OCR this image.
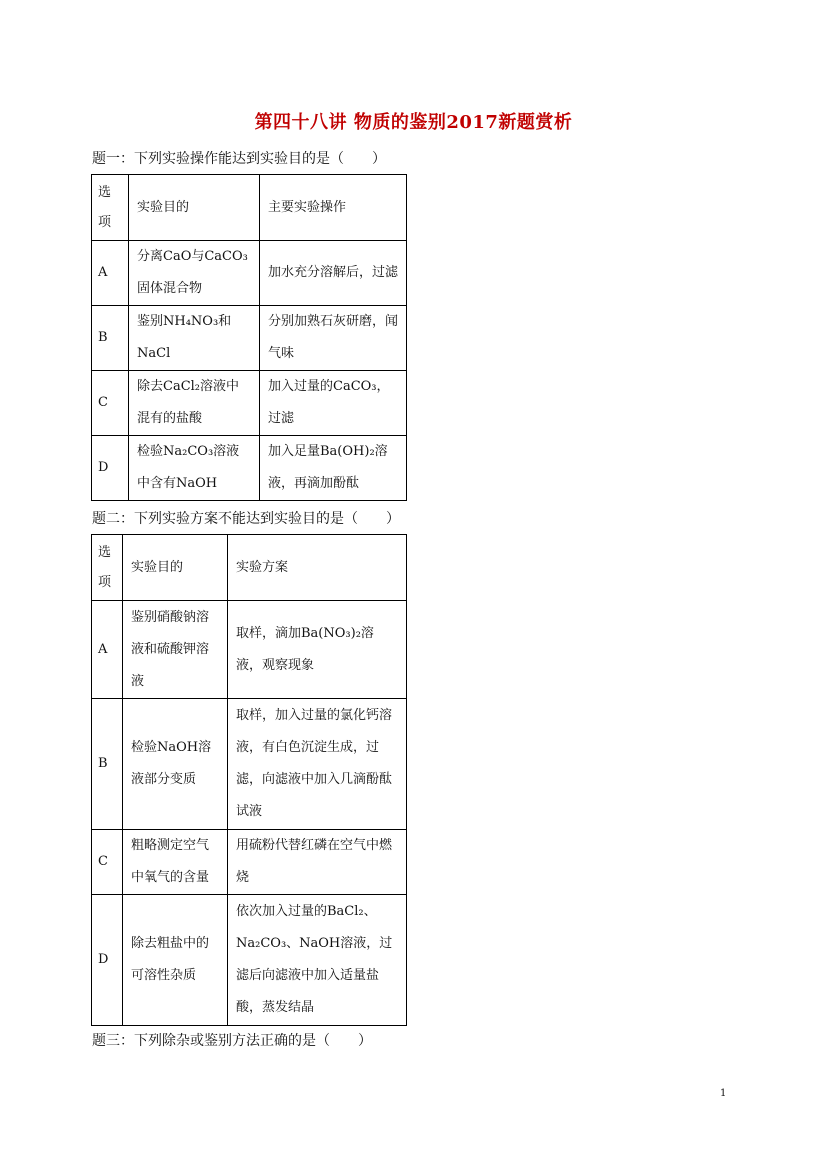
第四十八讲 物质的鉴别2017新题赏析
题一：下列实验操作能达到实验目的是（　　）
选项	实验目的	主要实验操作
A	分离CaO与CaCO₃固体混合物	加水充分溶解后，过滤
B	鉴别NH₄NO₃和NaCl	分别加熟石灰研磨，闻气味
C	除去CaCl₂溶液中混有的盐酸	加入过量的CaCO₃，过滤
D	检验Na₂CO₃溶液中含有NaOH	加入足量Ba(OH)₂溶液，再滴加酚酞
题二：下列实验方案不能达到实验目的是（　　）
选项	实验目的	实验方案
A	鉴别硝酸钠溶液和硫酸钾溶液	取样，滴加Ba(NO₃)₂溶液，观察现象
B	检验NaOH溶液部分变质	取样，加入过量的氯化钙溶液，有白色沉淀生成，过滤，向滤液中加入几滴酚酞试液
C	粗略测定空气中氧气的含量	用硫粉代替红磷在空气中燃烧
D	除去粗盐中的可溶性杂质	依次加入过量的BaCl₂、Na₂CO₃、NaOH溶液，过滤后向滤液中加入适量盐酸，蒸发结晶
题三：下列除杂或鉴别方法正确的是（　　）
1
